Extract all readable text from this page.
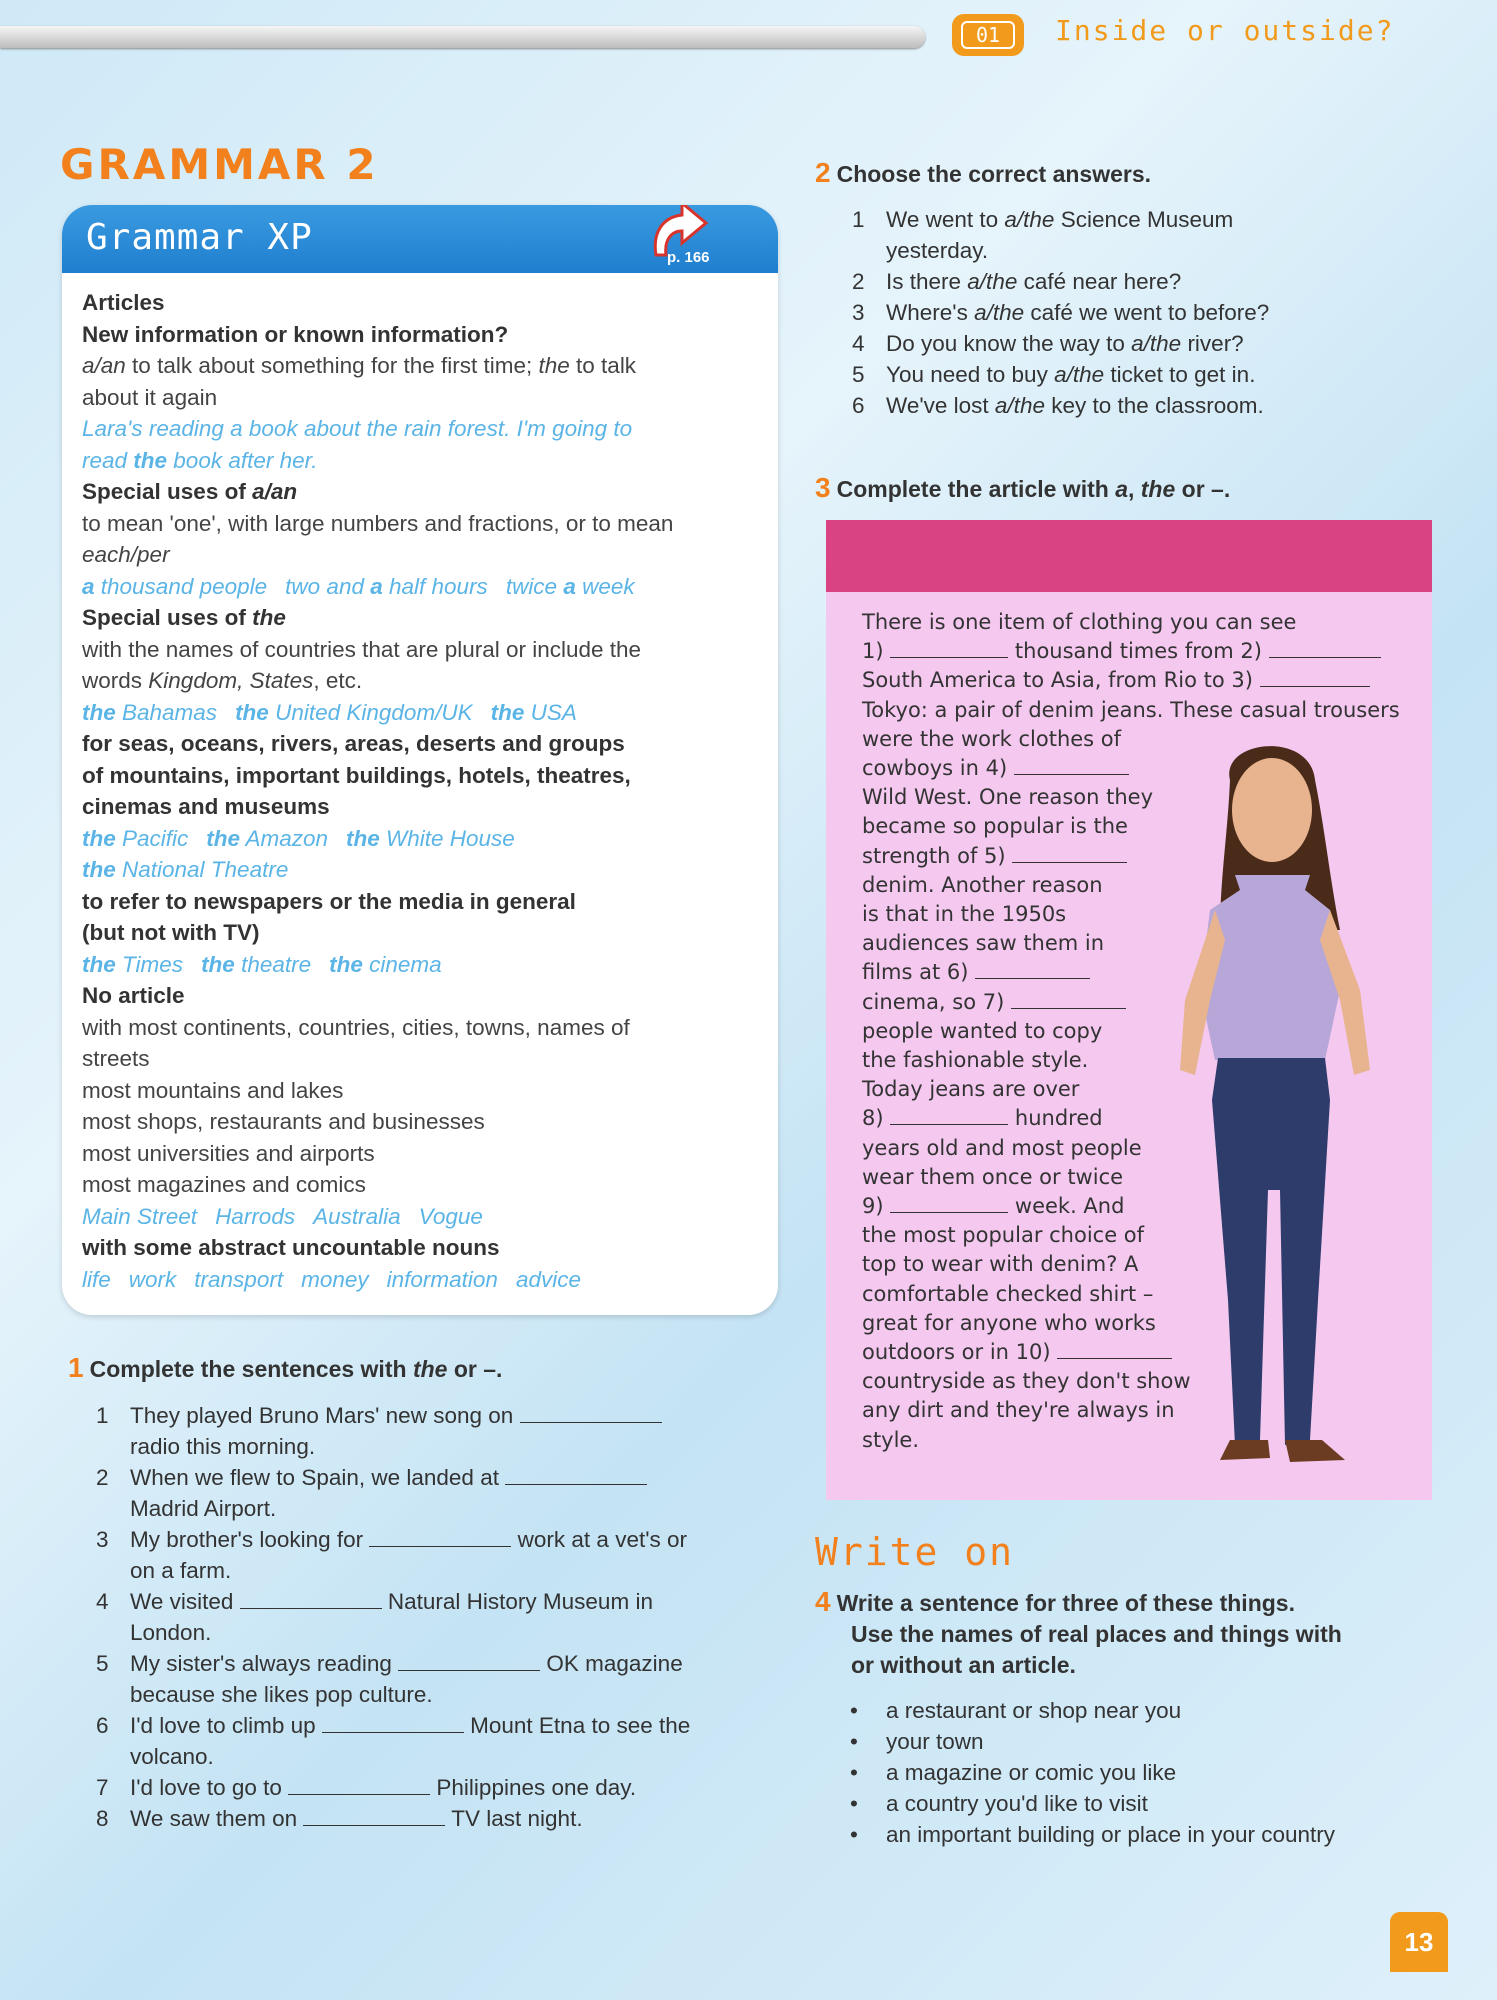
01	Inside or outside?
GRAMMAR 2
Grammar XP	p. 166
Articles
New information or known information?
a/an to talk about something for the first time; the to talk
about it again
Lara's reading a book about the rain forest. I'm going to
read the book after her.
Special uses of a/an
to mean 'one', with large numbers and fractions, or to mean
each/per
a thousand people two and a half hours twice a week
Special uses of the
with the names of countries that are plural or include the
words Kingdom, States, etc.
the Bahamas the United Kingdom/UK the USA
for seas, oceans, rivers, areas, deserts and groups
of mountains, important buildings, hotels, theatres,
cinemas and museums
the Pacific the Amazon the White House
the National Theatre
to refer to newspapers or the media in general
(but not with TV)
the Times the theatre the cinema
No article
with most continents, countries, cities, towns, names of
streets
most mountains and lakes
most shops, restaurants and businesses
most universities and airports
most magazines and comics
Main Street Harrods Australia Vogue
with some abstract uncountable nouns
life work transport money information advice
1 Complete the sentences with the or –.
1 They played Bruno Mars' new song on
radio this morning.
2 When we flew to Spain, we landed at
Madrid Airport.
3 My brother's looking for	work at a vet's or
on a farm.
4 We visited	Natural History Museum in
London.
5 My sister's always reading	OK magazine
because she likes pop culture.
6 I'd love to climb up	Mount Etna to see the
volcano.
7 I'd love to go to	Philippines one day.
8 We saw them on	TV last night.
2 Choose the correct answers.
1 We went to a/the Science Museum
yesterday.
2 Is there a/the café near here?
3 Where's a/the café we went to before?
4 Do you know the way to a/the river?
5 You need to buy a/the ticket to get in.
6 We've lost a/the key to the classroom.
3 Complete the article with a, the or –.
There is one item of clothing you can see
1)	thousand times from 2)
South America to Asia, from Rio to 3)
Tokyo: a pair of denim jeans. These casual trousers
were the work clothes of
cowboys in 4)
Wild West. One reason they
became so popular is the
strength of 5)
denim. Another reason
is that in the 1950s
audiences saw them in
films at 6)
cinema, so 7)
people wanted to copy
the fashionable style.
Today jeans are over
8)	hundred
years old and most people
wear them once or twice
9)	week. And
the most popular choice of
top to wear with denim? A
comfortable checked shirt –
great for anyone who works
outdoors or in 10)
countryside as they don't show
any dirt and they're always in
style.
Write on
4 Write a sentence for three of these things.
Use the names of real places and things with
or without an article.
•	a restaurant or shop near you
•	your town
•	a magazine or comic you like
•	a country you'd like to visit
•	an important building or place in your country
13
